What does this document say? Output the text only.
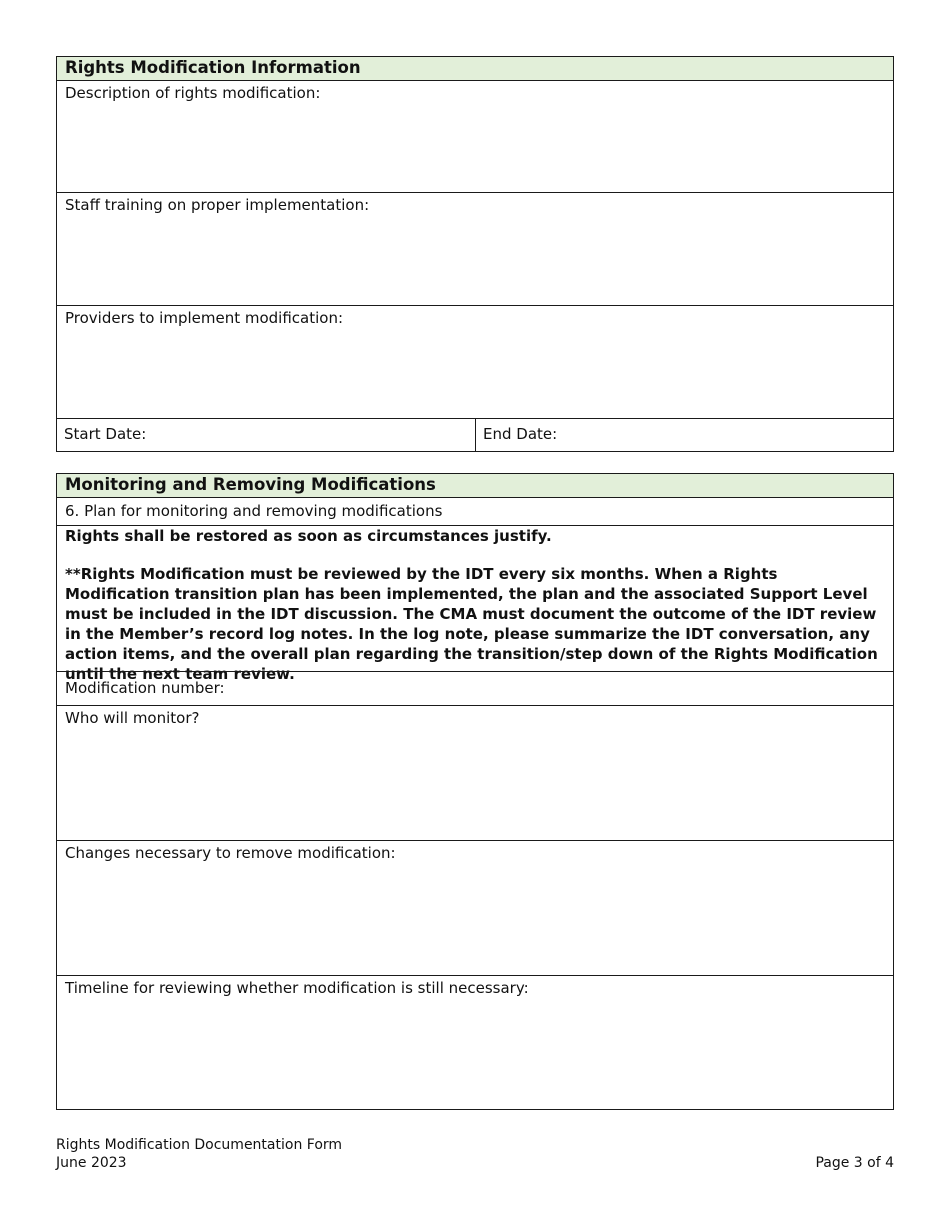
Rights Modification Information
Description of rights modification:
Staff training on proper implementation:
Providers to implement modification:
Start Date:	End Date:
Monitoring and Removing Modifications
6. Plan for monitoring and removing modifications

Rights shall be restored as soon as circumstances justify.

**Rights Modification must be reviewed by the IDT every six months. When a Rights Modification transition plan has been implemented, the plan and the associated Support Level must be included in the IDT discussion. The CMA must document the outcome of the IDT review in the Member’s record log notes. In the log note, please summarize the IDT conversation, any action items, and the overall plan regarding the transition/step down of the Rights Modification until the next team review.

Modification number:
Who will monitor?
Changes necessary to remove modification:
Timeline for reviewing whether modification is still necessary:
Rights Modification Documentation Form
June 2023	Page 3 of 4
